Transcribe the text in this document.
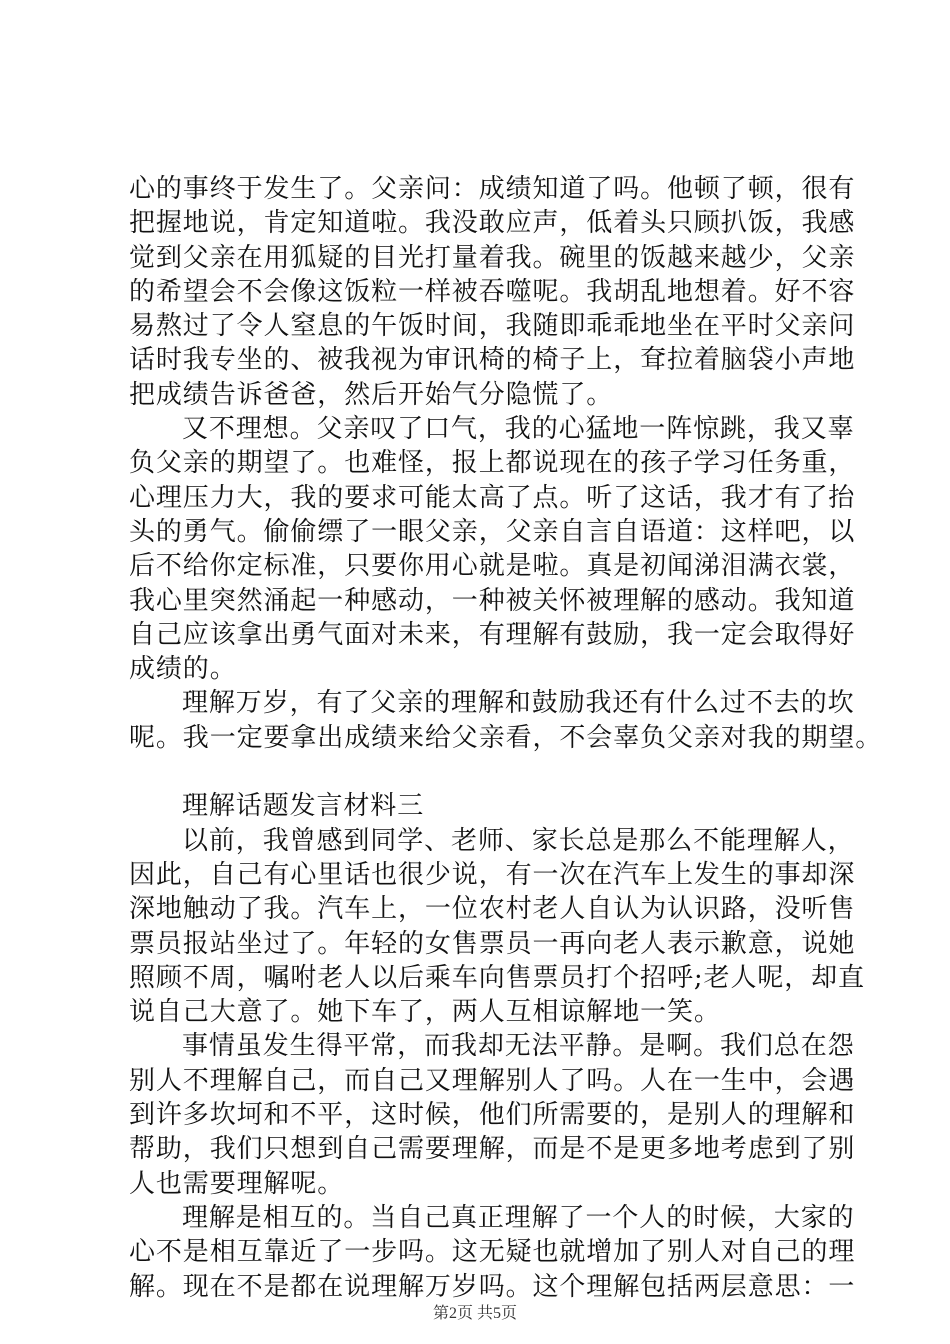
心的事终于发生了。父亲问：成绩知道了吗。他顿了顿，很有
把握地说，肯定知道啦。我没敢应声，低着头只顾扒饭，我感
觉到父亲在用狐疑的目光打量着我。碗里的饭越来越少，父亲
的希望会不会像这饭粒一样被吞噬呢。我胡乱地想着。好不容
易熬过了令人窒息的午饭时间，我随即乖乖地坐在平时父亲问
话时我专坐的、被我视为审讯椅的椅子上，耷拉着脑袋小声地
把成绩告诉爸爸，然后开始气分隐慌了。
又不理想。父亲叹了口气，我的心猛地一阵惊跳，我又辜
负父亲的期望了。也难怪，报上都说现在的孩子学习任务重，
心理压力大，我的要求可能太高了点。听了这话，我才有了抬
头的勇气。偷偷缥了一眼父亲，父亲自言自语道：这样吧，以
后不给你定标准，只要你用心就是啦。真是初闻涕泪满衣裳，
我心里突然涌起一种感动，一种被关怀被理解的感动。我知道
自己应该拿出勇气面对未来，有理解有鼓励，我一定会取得好
成绩的。
理解万岁，有了父亲的理解和鼓励我还有什么过不去的坎
呢。我一定要拿出成绩来给父亲看，不会辜负父亲对我的期望。
理解话题发言材料三
以前，我曾感到同学、老师、家长总是那么不能理解人，
因此，自己有心里话也很少说，有一次在汽车上发生的事却深
深地触动了我。汽车上，一位农村老人自认为认识路，没听售
票员报站坐过了。年轻的女售票员一再向老人表示歉意，说她
照顾不周，嘱咐老人以后乘车向售票员打个招呼;老人呢，却直
说自己大意了。她下车了，两人互相谅解地一笑。
事情虽发生得平常，而我却无法平静。是啊。我们总在怨
别人不理解自己，而自己又理解别人了吗。人在一生中，会遇
到许多坎坷和不平，这时候，他们所需要的，是别人的理解和
帮助，我们只想到自己需要理解，而是不是更多地考虑到了别
人也需要理解呢。
理解是相互的。当自己真正理解了一个人的时候，大家的
心不是相互靠近了一步吗。这无疑也就增加了别人对自己的理
解。现在不是都在说理解万岁吗。这个理解包括两层意思：一
第2页 共5页
